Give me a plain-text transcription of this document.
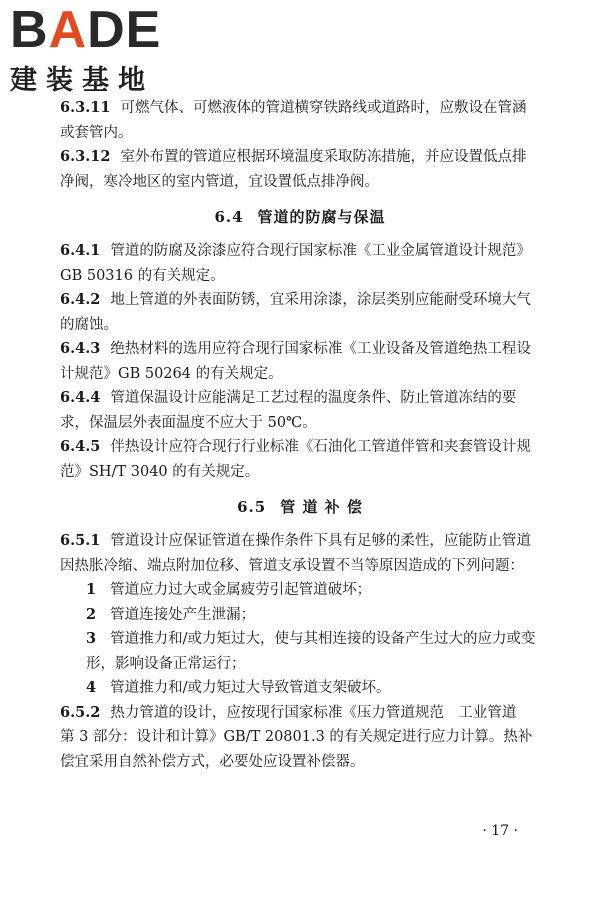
BADE
建装基地

6.3.11 可燃气体、可燃液体的管道横穿铁路线或道路时，应敷设在管涵或套管内。

6.3.12 室外布置的管道应根据环境温度采取防冻措施，并应设置低点排净阀，寒冷地区的室内管道，宜设置低点排净阀。

6.4 管道的防腐与保温

6.4.1 管道的防腐及涂漆应符合现行国家标准《工业金属管道设计规范》GB 50316 的有关规定。

6.4.2 地上管道的外表面防锈，宜采用涂漆，涂层类别应能耐受环境大气的腐蚀。

6.4.3 绝热材料的选用应符合现行国家标准《工业设备及管道绝热工程设计规范》GB 50264 的有关规定。

6.4.4 管道保温设计应能满足工艺过程的温度条件、防止管道冻结的要求，保温层外表面温度不应大于 50℃。

6.4.5 伴热设计应符合现行行业标准《石油化工管道伴管和夹套管设计规范》SH/T 3040 的有关规定。

6.5 管 道 补 偿

6.5.1 管道设计应保证管道在操作条件下具有足够的柔性，应能防止管道因热胀冷缩、端点附加位移、管道支承设置不当等原因造成的下列问题：

1 管道应力过大或金属疲劳引起管道破坏；

2 管道连接处产生泄漏；

3 管道推力和/或力矩过大，使与其相连接的设备产生过大的应力或变形，影响设备正常运行；

4 管道推力和/或力矩过大导致管道支架破坏。

6.5.2 热力管道的设计，应按现行国家标准《压力管道规范　工业管道　第 3 部分：设计和计算》GB/T 20801.3 的有关规定进行应力计算。热补偿宜采用自然补偿方式，必要处应设置补偿器。

· 17 ·
